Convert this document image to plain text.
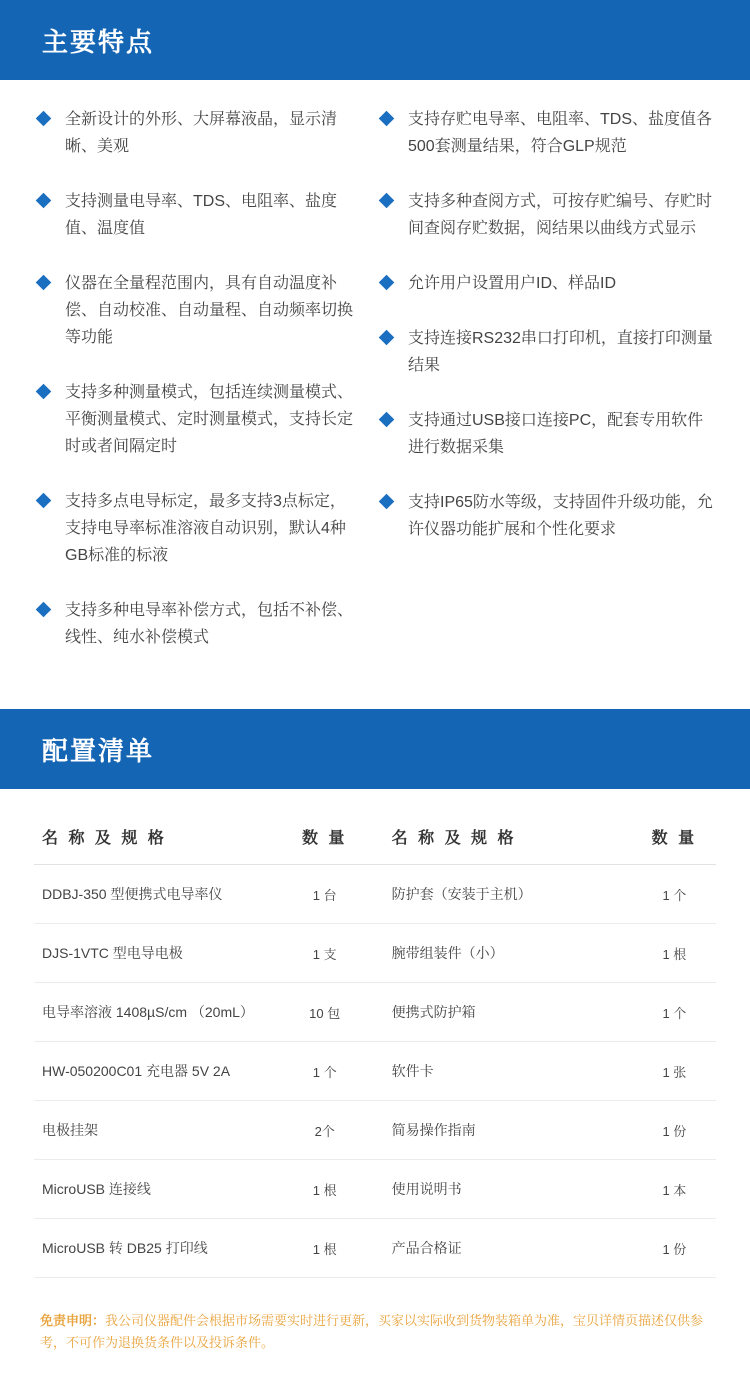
主要特点
全新设计的外形、大屏幕液晶，显示清晰、美观
支持测量电导率、TDS、电阻率、盐度值、温度值
仪器在全量程范围内，具有自动温度补偿、自动校准、自动量程、自动频率切换等功能
支持多种测量模式，包括连续测量模式、平衡测量模式、定时测量模式，支持长定时或者间隔定时
支持多点电导标定，最多支持3点标定，支持电导率标准溶液自动识别，默认4种GB标准的标液
支持多种电导率补偿方式，包括不补偿、线性、纯水补偿模式
支持存贮电导率、电阻率、TDS、盐度值各500套测量结果，符合GLP规范
支持多种查阅方式，可按存贮编号、存贮时间查阅存贮数据，阅结果以曲线方式显示
允许用户设置用户ID、样品ID
支持连接RS232串口打印机，直接打印测量结果
支持通过USB接口连接PC，配套专用软件进行数据采集
支持IP65防水等级，支持固件升级功能，允许仪器功能扩展和个性化要求
配置清单
名 称 及 规 格	数 量		名 称 及 规 格	数 量
DDBJ-350 型便携式电导率仪	1 台		防护套（安装于主机）	1 个
DJS-1VTC 型电导电极	1 支		腕带组装件（小）	1 根
电导率溶液 1408µS/cm （20mL）	10 包		便携式防护箱	1 个
HW-050200C01 充电器 5V 2A	1 个		软件卡	1 张
电极挂架	2个		简易操作指南	1 份
MicroUSB 连接线	1 根		使用说明书	1 本
MicroUSB 转 DB25 打印线	1 根		产品合格证	1 份
免责申明：我公司仪器配件会根据市场需要实时进行更新，买家以实际收到货物装箱单为准，宝贝详情页描述仅供参考，不可作为退换货条件以及投诉条件。
